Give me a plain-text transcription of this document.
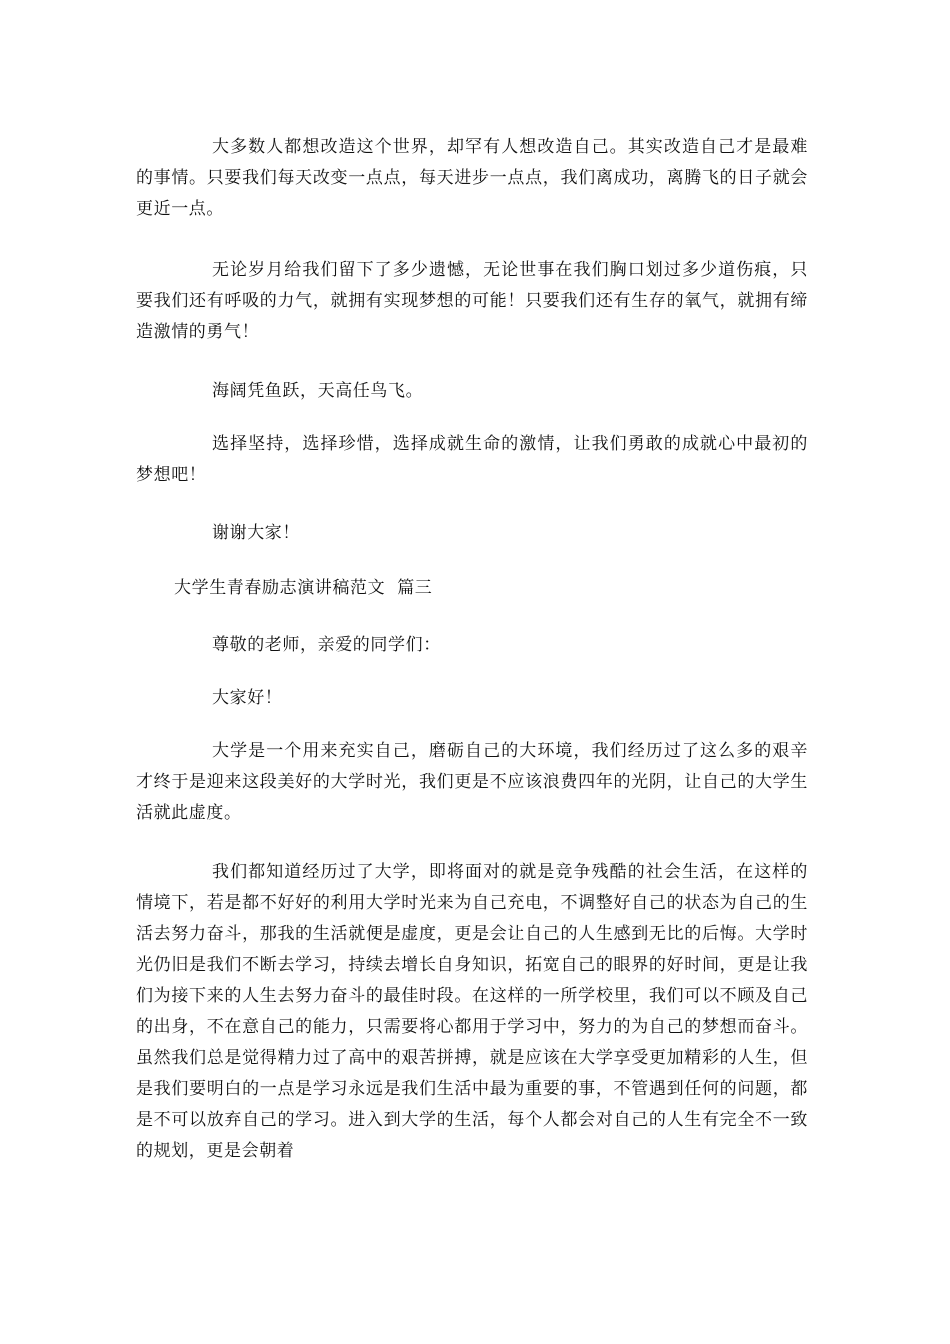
大多数人都想改造这个世界，却罕有人想改造自己。其实改造自己才是最难的事情。只要我们每天改变一点点，每天进步一点点，我们离成功，离腾飞的日子就会更近一点。

无论岁月给我们留下了多少遗憾，无论世事在我们胸口划过多少道伤痕，只要我们还有呼吸的力气，就拥有实现梦想的可能！只要我们还有生存的氧气，就拥有缔造激情的勇气！

海阔凭鱼跃，天高任鸟飞。

选择坚持，选择珍惜，选择成就生命的激情，让我们勇敢的成就心中最初的梦想吧！

谢谢大家！

大学生青春励志演讲稿范文  篇三

尊敬的老师，亲爱的同学们：

大家好！

大学是一个用来充实自己，磨砺自己的大环境，我们经历过了这么多的艰辛才终于是迎来这段美好的大学时光，我们更是不应该浪费四年的光阴，让自己的大学生活就此虚度。

我们都知道经历过了大学，即将面对的就是竞争残酷的社会生活，在这样的情境下，若是都不好好的利用大学时光来为自己充电，不调整好自己的状态为自己的生活去努力奋斗，那我的生活就便是虚度，更是会让自己的人生感到无比的后悔。大学时光仍旧是我们不断去学习，持续去增长自身知识，拓宽自己的眼界的好时间，更是让我们为接下来的人生去努力奋斗的最佳时段。在这样的一所学校里，我们可以不顾及自己的出身，不在意自己的能力，只需要将心都用于学习中，努力的为自己的梦想而奋斗。虽然我们总是觉得精力过了高中的艰苦拼搏，就是应该在大学享受更加精彩的人生，但是我们要明白的一点是学习永远是我们生活中最为重要的事，不管遇到任何的问题，都是不可以放弃自己的学习。进入到大学的生活，每个人都会对自己的人生有完全不一致的规划，更是会朝着
